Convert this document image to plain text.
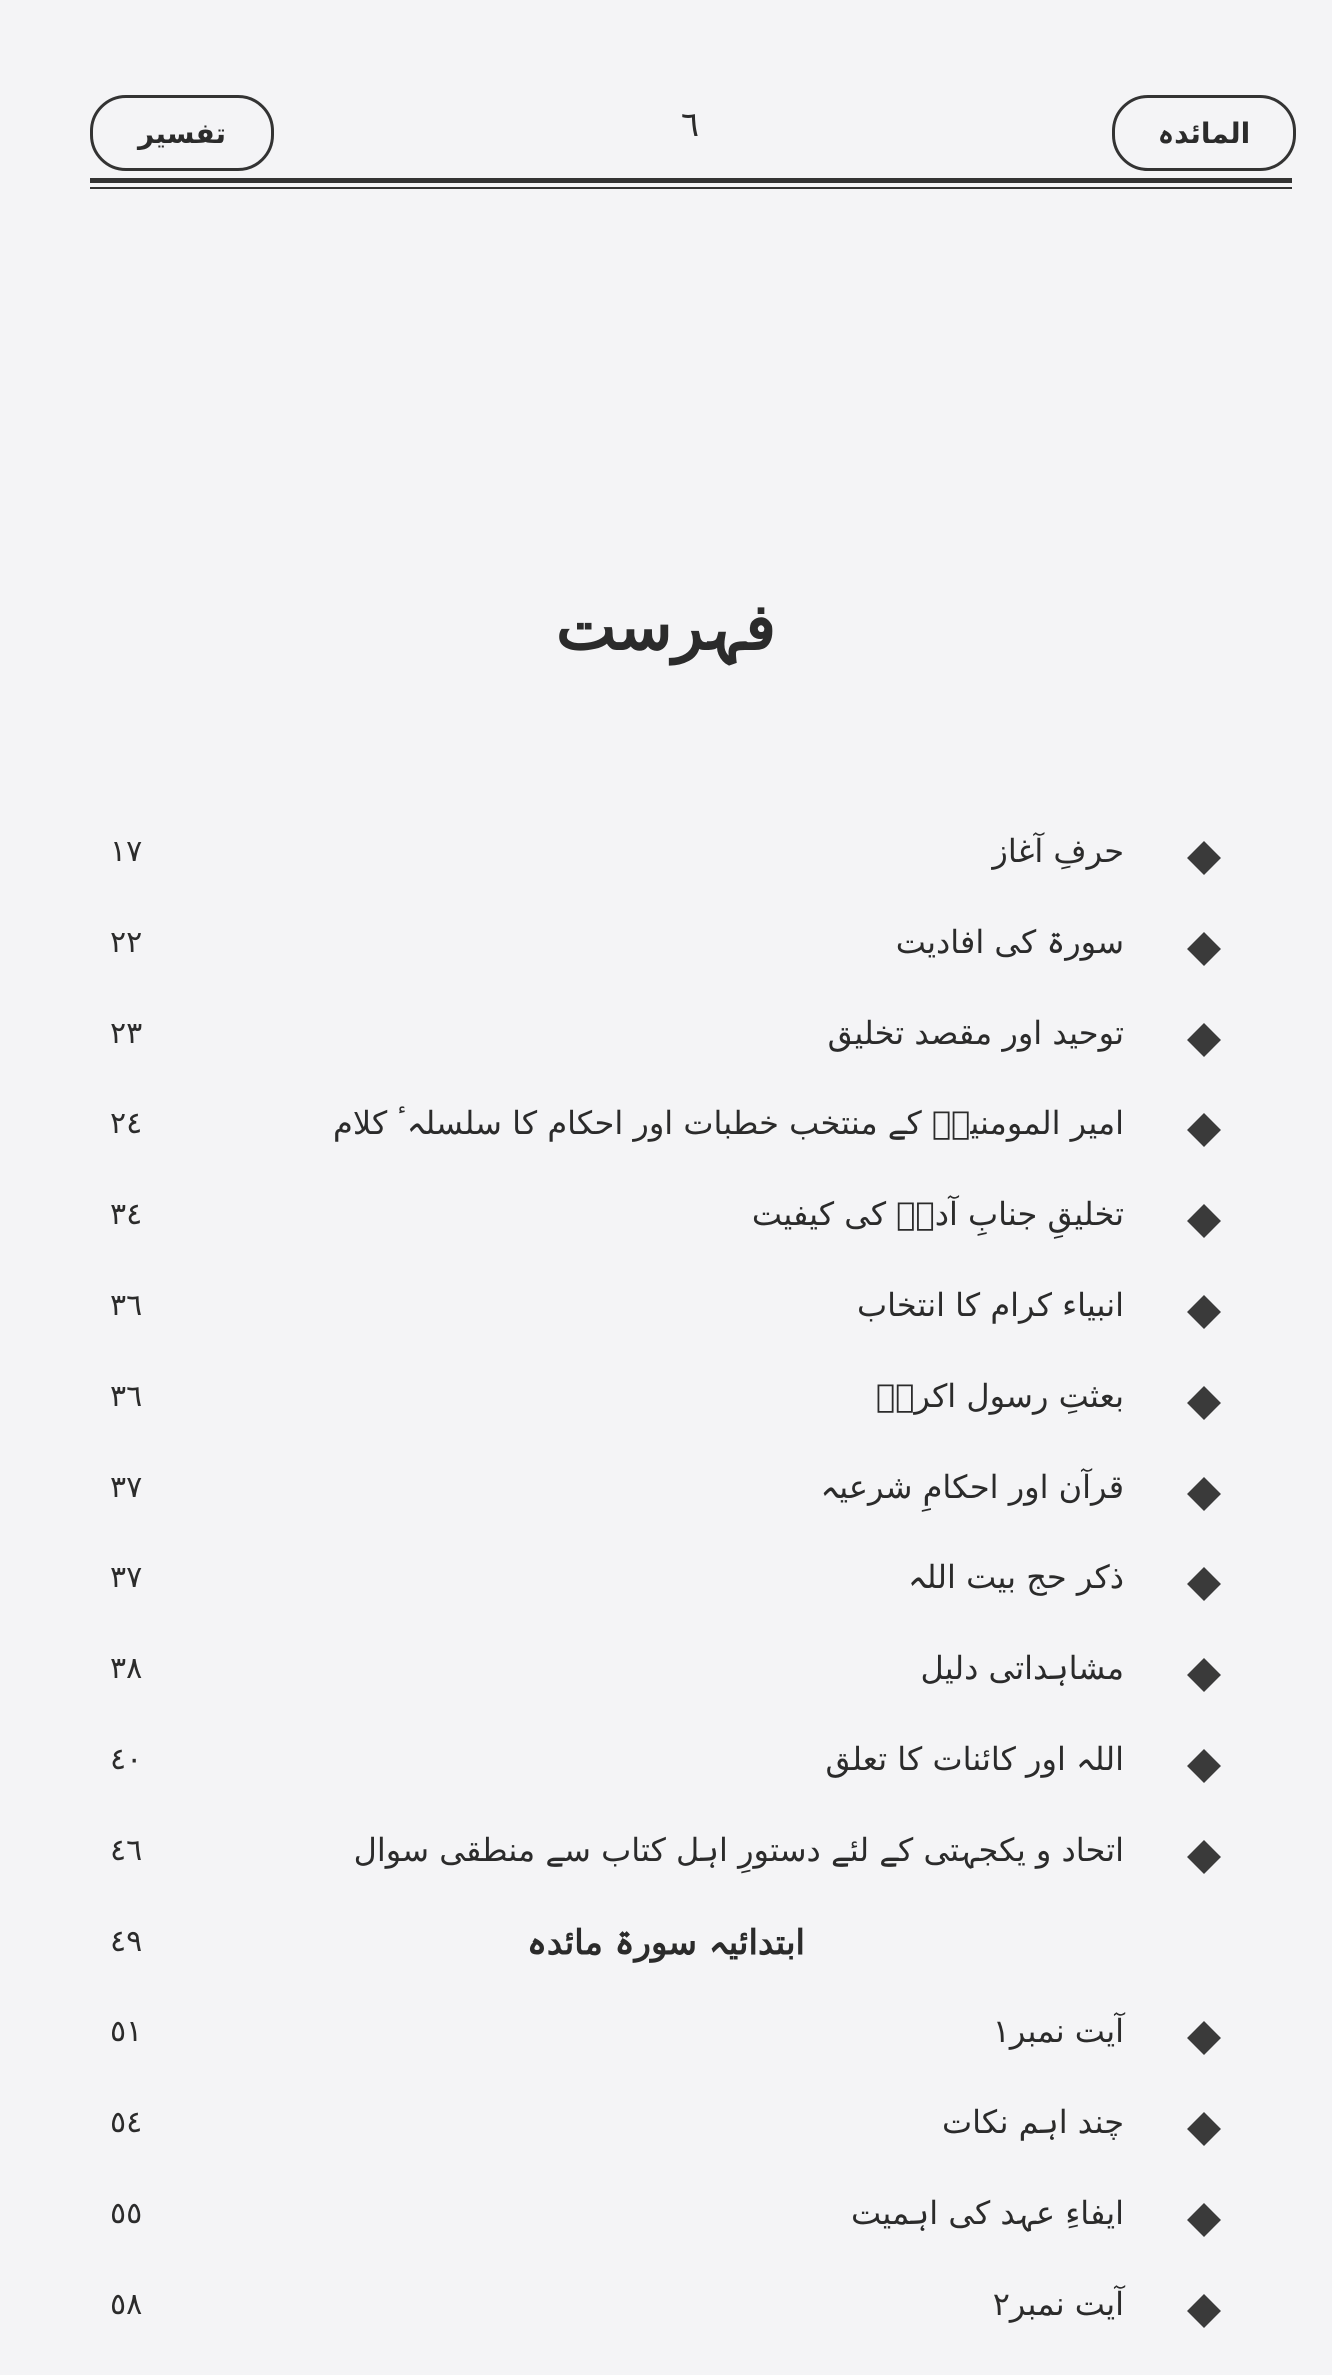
تفسیر	٦	المائدہ
فہرست
حرفِ آغاز
١٧
سورۃ کی افادیت
٢٢
توحید اور مقصد تخلیق
٢٣
امیر المومنینؑ کے منتخب خطبات اور احکام کا سلسلہٴ کلام
٢٤
تخلیقِ جنابِ آدمؑ کی کیفیت
٣٤
انبیاء کرام کا انتخاب
٣٦
بعثتِ رسول اکرمؐ
٣٦
قرآن اور احکامِ شرعیہ
٣٧
ذکر حج بیت اللہ
٣٧
مشاہداتی دلیل
٣٨
اللہ اور کائنات کا تعلق
٤٠
اتحاد و یکجہتی کے لئے دستورِ اہل کتاب سے منطقی سوال
٤٦
ابتدائیہ سورۃ مائدہ
٤٩
آیت نمبر١
٥١
چند اہم نکات
٥٤
ایفاءِ عہد کی اہمیت
٥٥
آیت نمبر٢
٥٨
